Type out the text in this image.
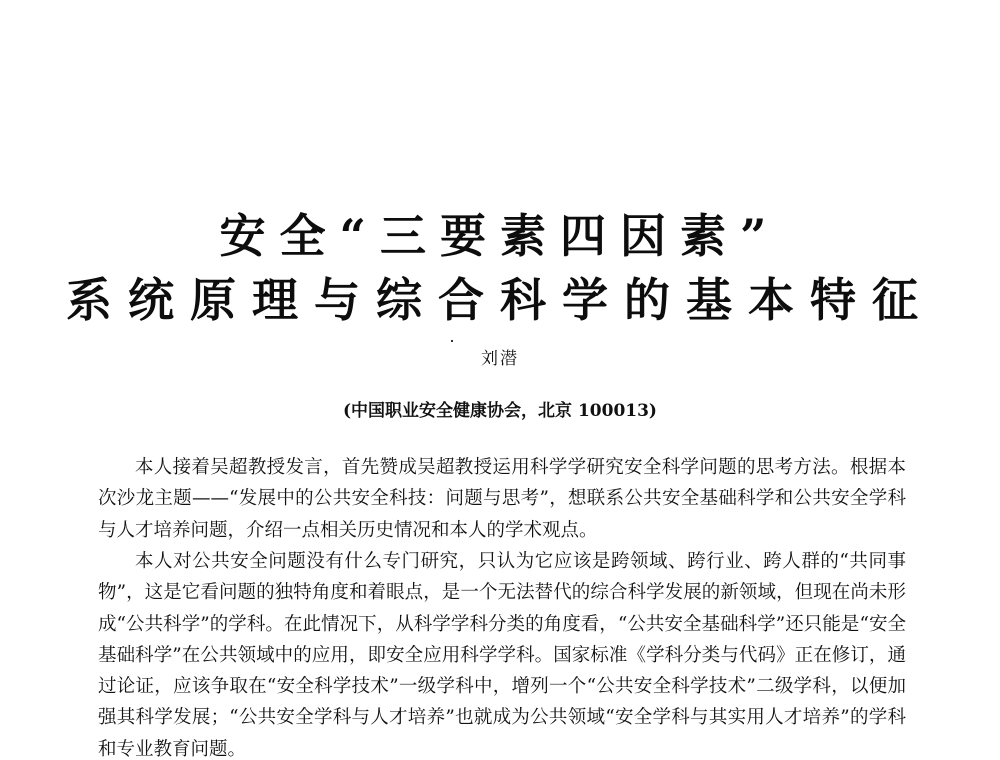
安全“三要素四因素”
系统原理与综合科学的基本特征
刘潜
(中国职业安全健康协会，北京 100013)

本人接着吴超教授发言，首先赞成吴超教授运用科学学研究安全科学问题的思考方法。根据本次沙龙主题——“发展中的公共安全科技：问题与思考”，想联系公共安全基础科学和公共安全学科与人才培养问题，介绍一点相关历史情况和本人的学术观点。

本人对公共安全问题没有什么专门研究，只认为它应该是跨领域、跨行业、跨人群的“共同事物”，这是它看问题的独特角度和着眼点，是一个无法替代的综合科学发展的新领域，但现在尚未形成“公共科学”的学科。在此情况下，从科学学科分类的角度看，“公共安全基础科学”还只能是“安全基础科学”在公共领域中的应用，即安全应用科学学科。国家标准《学科分类与代码》正在修订，通过论证，应该争取在“安全科学技术”一级学科中，增列一个“公共安全科学技术”二级学科，以便加强其科学发展；“公共安全学科与人才培养”也就成为公共领域“安全学科与其实用人才培养”的学科和专业教育问题。
